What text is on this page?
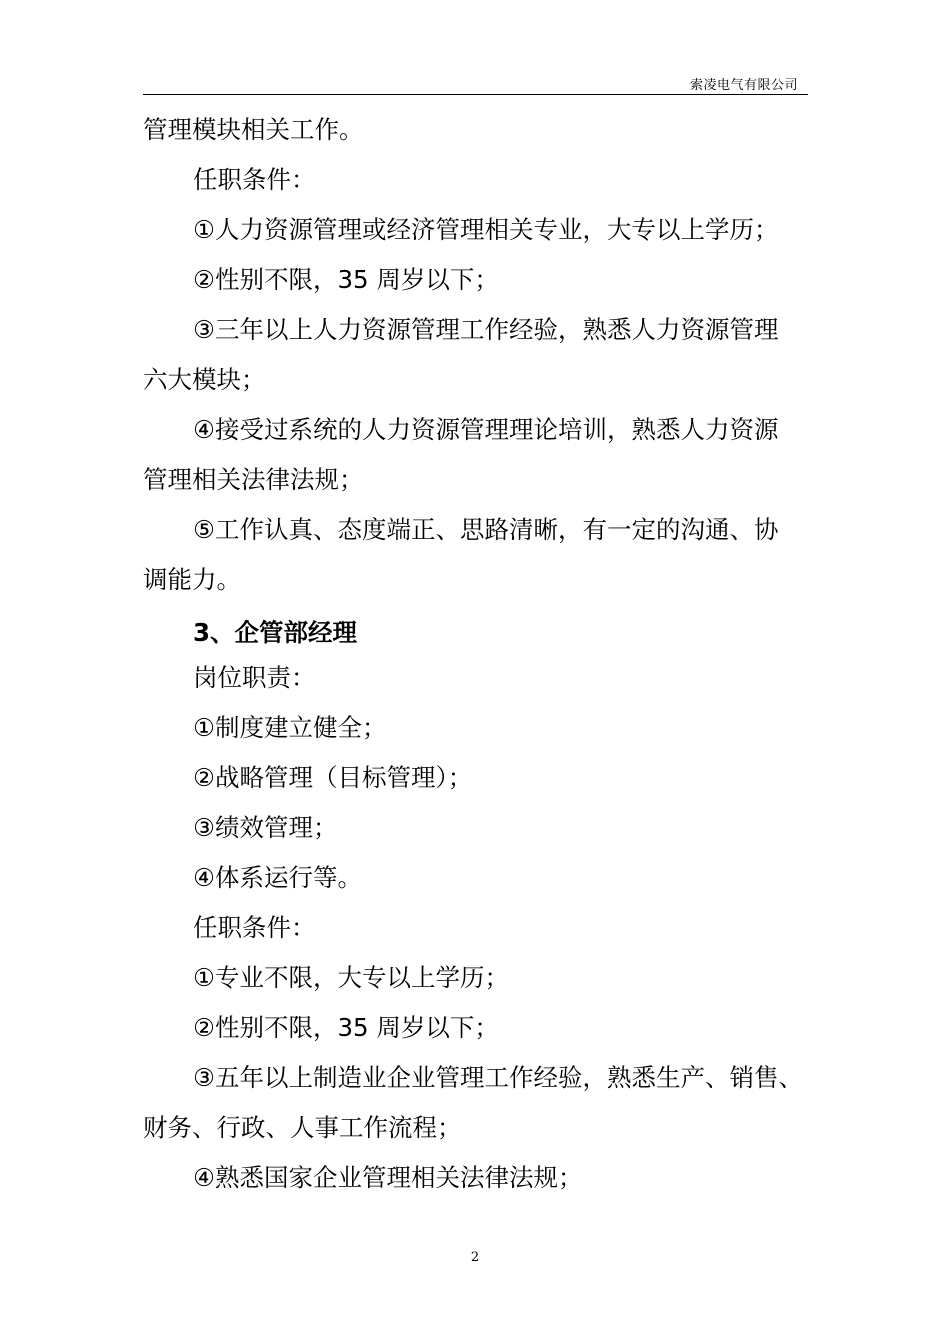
索凌电气有限公司
管理模块相关工作。
任职条件：
①人力资源管理或经济管理相关专业，大专以上学历；
②性别不限，35 周岁以下；
③三年以上人力资源管理工作经验，熟悉人力资源管理
六大模块；
④接受过系统的人力资源管理理论培训，熟悉人力资源
管理相关法律法规；
⑤工作认真、态度端正、思路清晰，有一定的沟通、协
调能力。
3、企管部经理
岗位职责：
①制度建立健全；
②战略管理（目标管理）；
③绩效管理；
④体系运行等。
任职条件：
①专业不限，大专以上学历；
②性别不限，35 周岁以下；
③五年以上制造业企业管理工作经验，熟悉生产、销售、
财务、行政、人事工作流程；
④熟悉国家企业管理相关法律法规；
2
